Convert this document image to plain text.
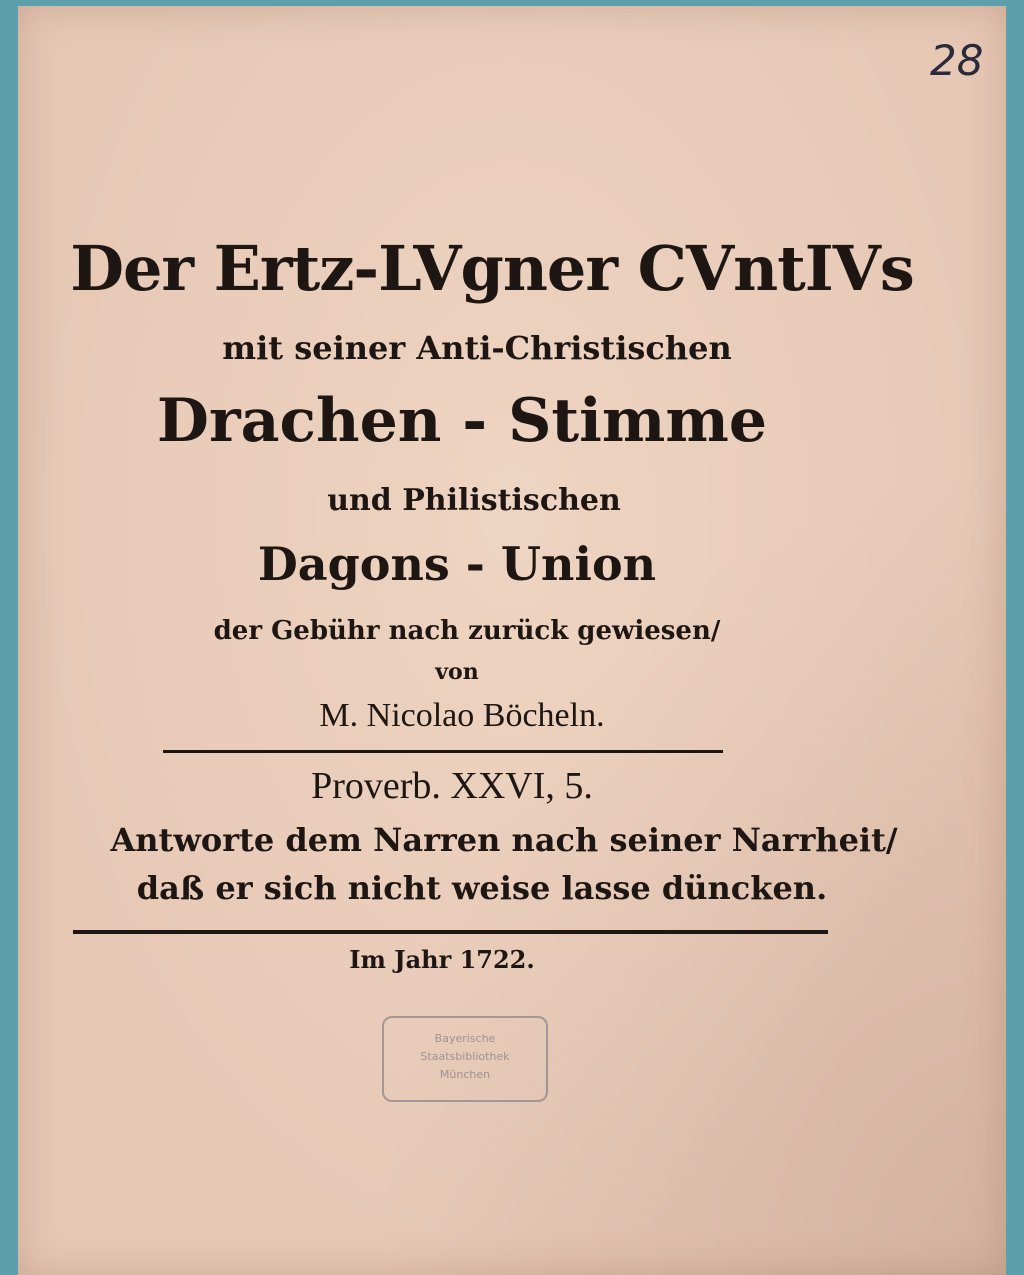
28
Der Ertz-LVgner CVntIVs
mit seiner Anti-Christischen
Drachen - Stimme
und Philistischen
Dagons - Union
der Gebühr nach zurück gewiesen/
von
M. Nicolao Böcheln.
Proverb. XXVI, 5.
Antworte dem Narren nach seiner Narrheit/
daß er sich nicht weise lasse düncken.
Im Jahr 1722.
Bayerische
Staatsbibliothek
München
